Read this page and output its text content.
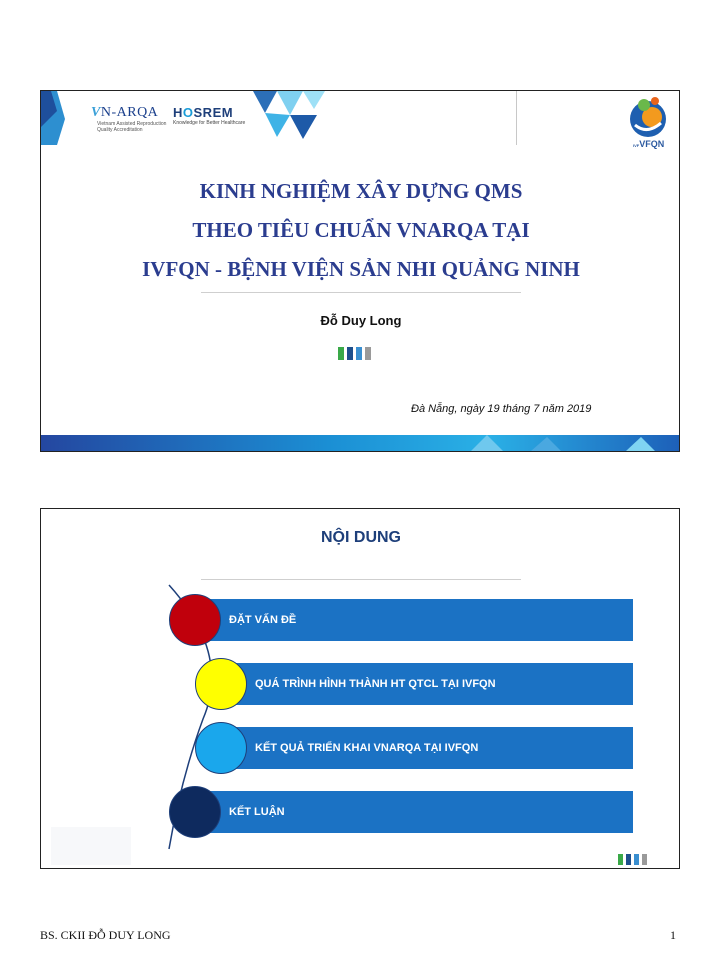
VN-ARQA
Vietnam Assisted Reproduction
Quality Accreditation
HOSREM
Knowledge for Better Healthcare
IVFVFQN
KINH NGHIỆM XÂY DỰNG QMS
THEO TIÊU CHUẨN VNARQA TẠI
IVFQN - BỆNH VIỆN SẢN NHI QUẢNG NINH
Đỗ Duy Long
Đà Nẵng, ngày 19 tháng 7 năm 2019
NỘI DUNG
ĐẶT VẤN ĐỀ
QUÁ TRÌNH HÌNH THÀNH HT QTCL TẠI IVFQN
KẾT QUẢ TRIỂN KHAI VNARQA TẠI IVFQN
KẾT LUẬN
BS. CKII ĐỖ DUY LONG	1
